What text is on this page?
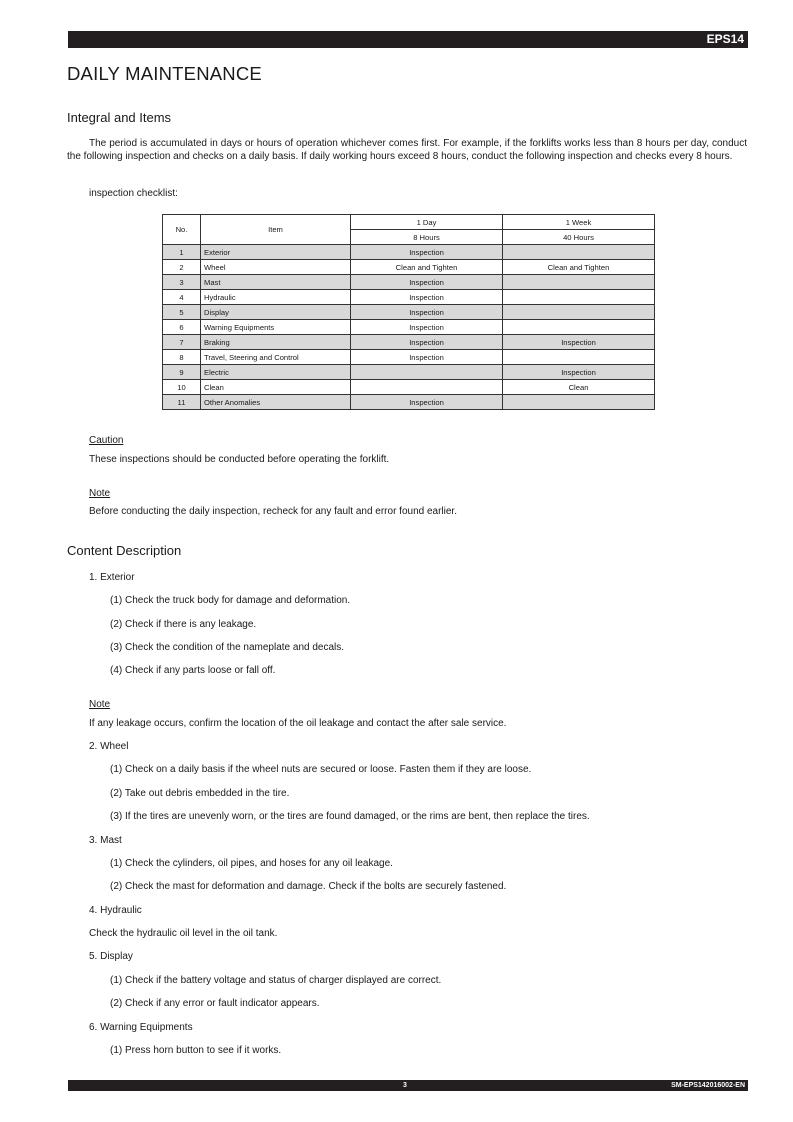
EPS14
DAILY MAINTENANCE
Integral and Items
The period is accumulated in days or hours of operation whichever comes first. For example, if the forklifts works less than 8 hours per day, conduct the following inspection and checks on a daily basis. If daily working hours exceed 8 hours, conduct the following inspection and checks every 8 hours.
inspection checklist:
No.	Item	1 Day	1 Week
		8 Hours	40 Hours
1	Exterior	Inspection	
2	Wheel	Clean and Tighten	Clean and Tighten
3	Mast	Inspection	
4	Hydraulic	Inspection	
5	Display	Inspection	
6	Warning Equipments	Inspection	
7	Braking	Inspection	Inspection
8	Travel, Steering and Control	Inspection	
9	Electric		Inspection
10	Clean		Clean
11	Other Anomalies	Inspection	
Caution
These inspections should be conducted before operating the forklift.
Note
Before conducting the daily inspection, recheck for any fault and error found earlier.
Content Description
1. Exterior
(1) Check the truck body for damage and deformation.
(2) Check if there is any leakage.
(3) Check the condition of the nameplate and decals.
(4) Check if any parts loose or fall off.
Note
If any leakage occurs, confirm the location of the oil leakage and contact the after sale service.
2. Wheel
(1) Check on a daily basis if the wheel nuts are secured or loose. Fasten them if they are loose.
(2) Take out debris embedded in the tire.
(3) If the tires are unevenly worn, or the tires are found damaged, or the rims are bent, then replace the tires.
3. Mast
(1) Check the cylinders, oil pipes, and hoses for any oil leakage.
(2) Check the mast for deformation and damage. Check if the bolts are securely fastened.
4. Hydraulic
Check the hydraulic oil level in the oil tank.
5. Display
(1) Check if the battery voltage and status of charger displayed are correct.
(2) Check if any error or fault indicator appears.
6. Warning Equipments
(1) Press horn button to see if it works.
3	SM-EPS142016002-EN
